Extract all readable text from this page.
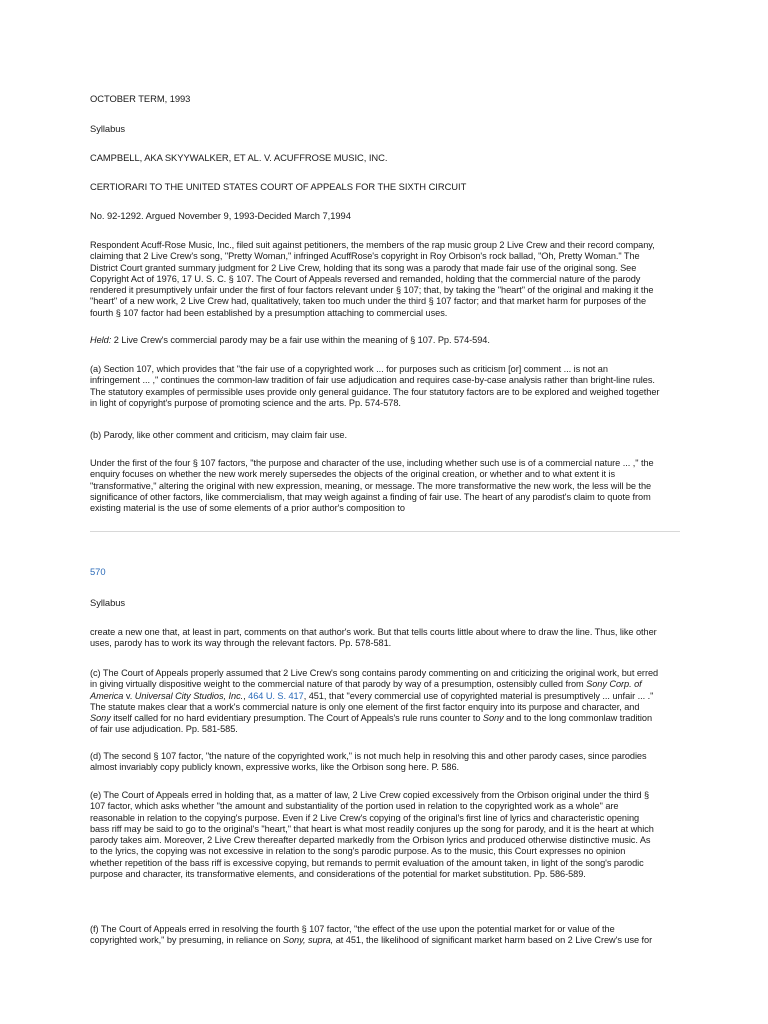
OCTOBER TERM, 1993

Syllabus

CAMPBELL, AKA SKYYWALKER, ET AL. V. ACUFFROSE MUSIC, INC.

CERTIORARI TO THE UNITED STATES COURT OF APPEALS FOR THE SIXTH CIRCUIT

No. 92-1292. Argued November 9, 1993-Decided March 7,1994

Respondent Acuff-Rose Music, Inc., filed suit against petitioners, the members of the rap music group 2 Live Crew and their record company, claiming that 2 Live Crew's song, "Pretty Woman," infringed AcuffRose's copyright in Roy Orbison's rock ballad, "Oh, Pretty Woman." The District Court granted summary judgment for 2 Live Crew, holding that its song was a parody that made fair use of the original song. See Copyright Act of 1976, 17 U. S. C. § 107. The Court of Appeals reversed and remanded, holding that the commercial nature of the parody rendered it presumptively unfair under the first of four factors relevant under § 107; that, by taking the "heart" of the original and making it the "heart" of a new work, 2 Live Crew had, qualitatively, taken too much under the third § 107 factor; and that market harm for purposes of the fourth § 107 factor had been established by a presumption attaching to commercial uses.

Held: 2 Live Crew's commercial parody may be a fair use within the meaning of § 107. Pp. 574-594.

(a) Section 107, which provides that "the fair use of a copyrighted work ... for purposes such as criticism [or] comment ... is not an infringement ... ," continues the common-law tradition of fair use adjudication and requires case-by-case analysis rather than bright-line rules. The statutory examples of permissible uses provide only general guidance. The four statutory factors are to be explored and weighed together in light of copyright's purpose of promoting science and the arts. Pp. 574-578.

(b) Parody, like other comment and criticism, may claim fair use.

Under the first of the four § 107 factors, "the purpose and character of the use, including whether such use is of a commercial nature ... ," the enquiry focuses on whether the new work merely supersedes the objects of the original creation, or whether and to what extent it is "transformative," altering the original with new expression, meaning, or message. The more transformative the new work, the less will be the significance of other factors, like commercialism, that may weigh against a finding of fair use. The heart of any parodist's claim to quote from existing material is the use of some elements of a prior author's composition to

570

Syllabus

create a new one that, at least in part, comments on that author's work. But that tells courts little about where to draw the line. Thus, like other uses, parody has to work its way through the relevant factors. Pp. 578-581.

(c) The Court of Appeals properly assumed that 2 Live Crew's song contains parody commenting on and criticizing the original work, but erred in giving virtually dispositive weight to the commercial nature of that parody by way of a presumption, ostensibly culled from Sony Corp. of America v. Universal City Studios, Inc., 464 U. S. 417, 451, that "every commercial use of copyrighted material is presumptively ... unfair ... ." The statute makes clear that a work's commercial nature is only one element of the first factor enquiry into its purpose and character, and Sony itself called for no hard evidentiary presumption. The Court of Appeals's rule runs counter to Sony and to the long commonlaw tradition of fair use adjudication. Pp. 581-585.

(d) The second § 107 factor, "the nature of the copyrighted work," is not much help in resolving this and other parody cases, since parodies almost invariably copy publicly known, expressive works, like the Orbison song here. P. 586.

(e) The Court of Appeals erred in holding that, as a matter of law, 2 Live Crew copied excessively from the Orbison original under the third § 107 factor, which asks whether "the amount and substantiality of the portion used in relation to the copyrighted work as a whole" are reasonable in relation to the copying's purpose. Even if 2 Live Crew's copying of the original's first line of lyrics and characteristic opening bass riff may be said to go to the original's "heart," that heart is what most readily conjures up the song for parody, and it is the heart at which parody takes aim. Moreover, 2 Live Crew thereafter departed markedly from the Orbison lyrics and produced otherwise distinctive music. As to the lyrics, the copying was not excessive in relation to the song's parodic purpose. As to the music, this Court expresses no opinion whether repetition of the bass riff is excessive copying, but remands to permit evaluation of the amount taken, in light of the song's parodic purpose and character, its transformative elements, and considerations of the potential for market substitution. Pp. 586-589.

(f) The Court of Appeals erred in resolving the fourth § 107 factor, "the effect of the use upon the potential market for or value of the copyrighted work," by presuming, in reliance on Sony, supra, at 451, the likelihood of significant market harm based on 2 Live Crew's use for
